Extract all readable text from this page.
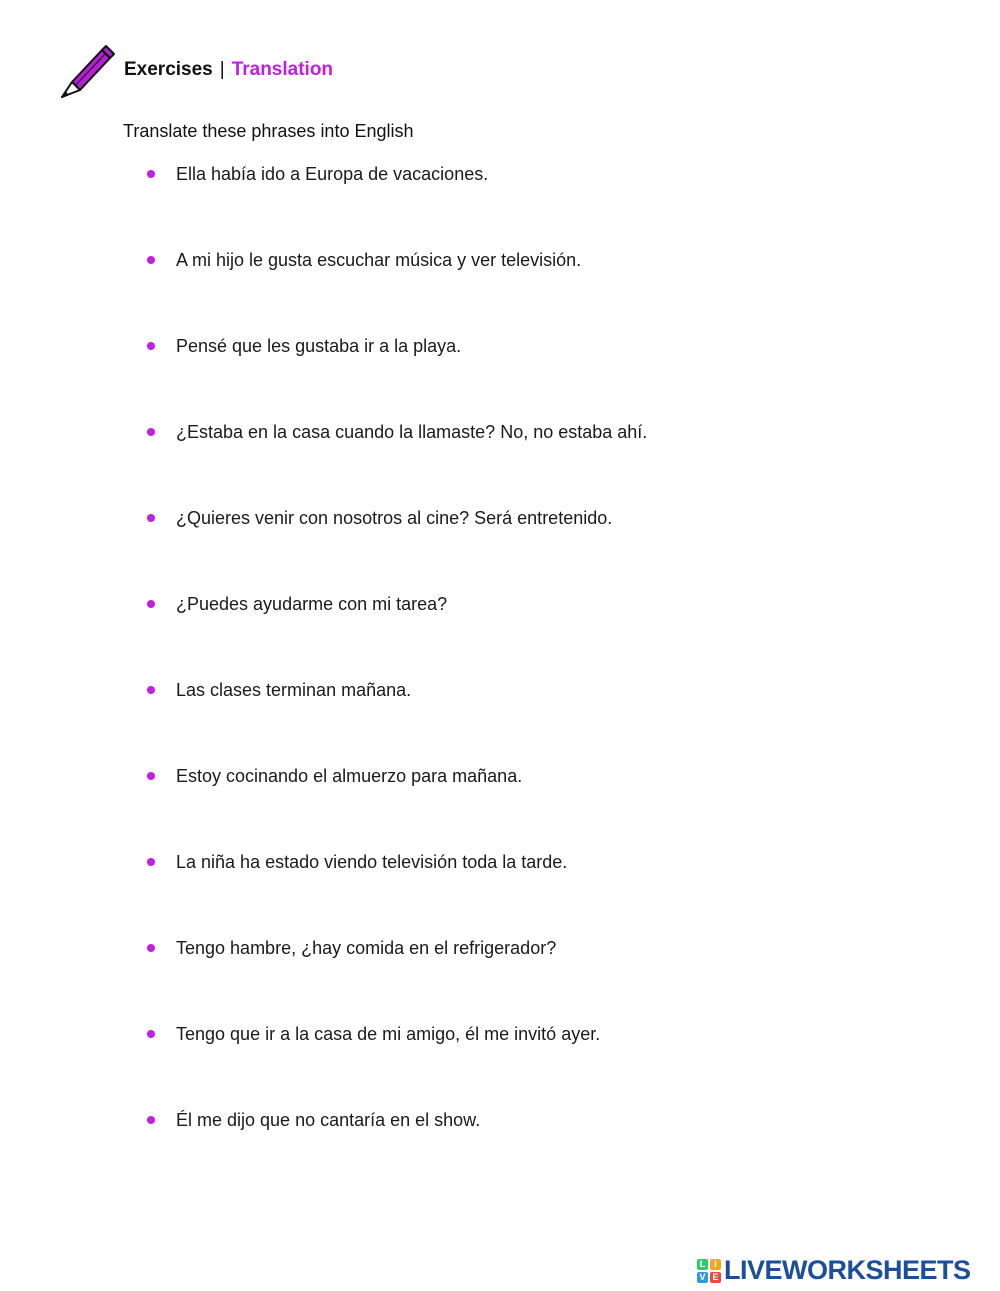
Exercises | Translation
Translate these phrases into English
Ella había ido a Europa de vacaciones.
A mi hijo le gusta escuchar música y ver televisión.
Pensé que les gustaba ir a la playa.
¿Estaba en la casa cuando la llamaste? No, no estaba ahí.
¿Quieres venir con nosotros al cine? Será entretenido.
¿Puedes ayudarme con mi tarea?
Las clases terminan mañana.
Estoy cocinando el almuerzo para mañana.
La niña ha estado viendo televisión toda la tarde.
Tengo hambre, ¿hay comida en el refrigerador?
Tengo que ir a la casa de mi amigo, él me invitó ayer.
Él me dijo que no cantaría en el show.
L I
V E LIVEWORKSHEETS
